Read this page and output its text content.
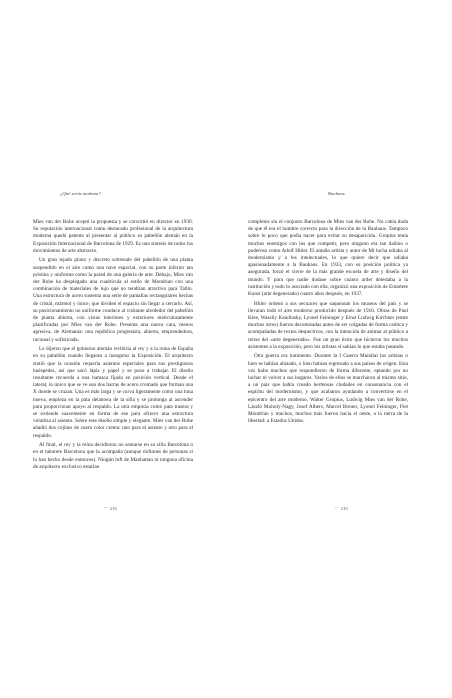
¿Qué serás mañana?

Mies van der Rohe aceptó la propuesta y se convirtió en director en 1930. Su reputación internacional como destacado profesional de la arquitectura moderna quedó patente al presentar al público su pabellón alemán en la Exposición Internacional de Barcelona de 1929. Es una síntesis de todos los movimientos de arte abstracto.

Un gran tejado plano y discreto sobresale del pabellón de una planta suspendido en el aire como una nave espacial, con su parte inferior tan prístina y uniforme como la pared de una galería de arte. Debajo, Mies van der Rohe ha desplegado una cuadrícula al estilo de Mondrian con una combinación de materiales de lujo que no tendrían atractivo para Tatlin. Una estructura de acero sustenta una serie de pantallas rectangulares hechas de cristal, mármol y ónice, que dividen el espacio sin llegar a cerrarlo. Así, su posicionamiento no uniforme conduce al visitante alrededor del pabellón de planta abierta, con vistas interiores y exteriores meticulosamente planificadas por Mies van der Rohe. Presenta una nueva cara, menos agresiva, de Alemania: una república progresista, abierta, emprendedora, racional y sofisticada.

Le dijeron que el gobierno alemán recibiría al rey y a la reina de España en su pabellón cuando llegaran a inaugurar la Exposición. El arquitecto sintió que la ocasión requería asientos especiales para sus prestigiosos huéspedes, así que sacó lápiz y papel y se puso a trabajar. El diseño resultante recuerda a una hamaca fijada en posición vertical. Desde el lateral, lo único que se ve son dos barras de acero cromado que forman una X donde se cruzan. Una es más larga y se curva ligeramente como una luna nueva, empieza en la pata delantera de la silla y se prolonga al ascender para proporcionar apoyo al respaldo. La otra empieza como pata trasera y se extiende suavemente en forma de ese para ofrecer una estructura voladiza al asiento. Sobre este diseño simple y elegante, Mies van der Rohe añadió dos cojines de cuero color crema: uno para el asiento y otro para el respaldo.

Al final, el rey y la reina decidieron no sentarse en su silla Barcelona o en el taburete Barcelona que la acompaña (aunque millones de personas sí lo han hecho desde entonces). Ningún loft de Manhattan ni ninguna oficina de arquitecto exclusivo estarían

~ 218
Bauhaus

completos sin el conjunto Barcelona de Mies van der Rohe. No cabía duda de que él era el hombre correcto para la dirección de la Bauhaus. Tampoco sobre lo poco que podía hacer para evitar su desaparición. Gropius tenía muchos enemigos con los que competir, pero ninguno era tan dañino o poderoso como Adolf Hitler. El antaño artista y autor de Mi lucha odiaba al modernismo y a los intelectuales, lo que quiere decir que odiaba apasionadamente a la Bauhaus. En 1933, con su posición política ya asegurada, forzó el cierre de la más grande escuela de arte y diseño del mundo. Y para que nadie dudase sobre cuánto arder detestaba a la institución y todo lo asociado con ella, organizó una exposición de Entartete Kunst (arte degenerado) cuatro años después, en 1937.

Hitler ordenó a sus secuaces que saquearan los museos del país y se llevaran todo el arte moderno producido después de 1910. Obras de Paul Klee, Wassily Kandinsky, Lyonel Feininger y Ernst Ludwig Kirchner (entre muchos otros) fueron decomisadas antes de ser colgadas de forma caótica y acompañadas de textos despectivos, con la intención de animar al público a reírse del «arte degenerado». Fue un gran éxito que hicieron los muchos asistentes a la exposición, pero los artistas sí sabían lo que estaba pasando.

Otra guerra era inminente. Durante la I Guerra Mundial los artistas o bien se habían alistado, o bien habían regresado a sus países de origen. Esta vez hubo muchos que respondieron de forma diferente, optando por no luchar ni volver a sus hogares. Varios de ellos se marcharon al mismo sitio, a un país que había creado hermosas ciudades en consonancia con el espíritu del modernismo, y que acabaron ayudando a convertirse en el epicentro del arte moderno. Walter Gropius, Ludwig Mies van der Rohe, László Moholy-Nagy, Josef Albers, Marcel Breuer, Lyonel Feininger, Piet Mondrian y muchos, muchos más fueron hacia el oeste, a la tierra de la libertad: a Estados Unidos.

~ 219
